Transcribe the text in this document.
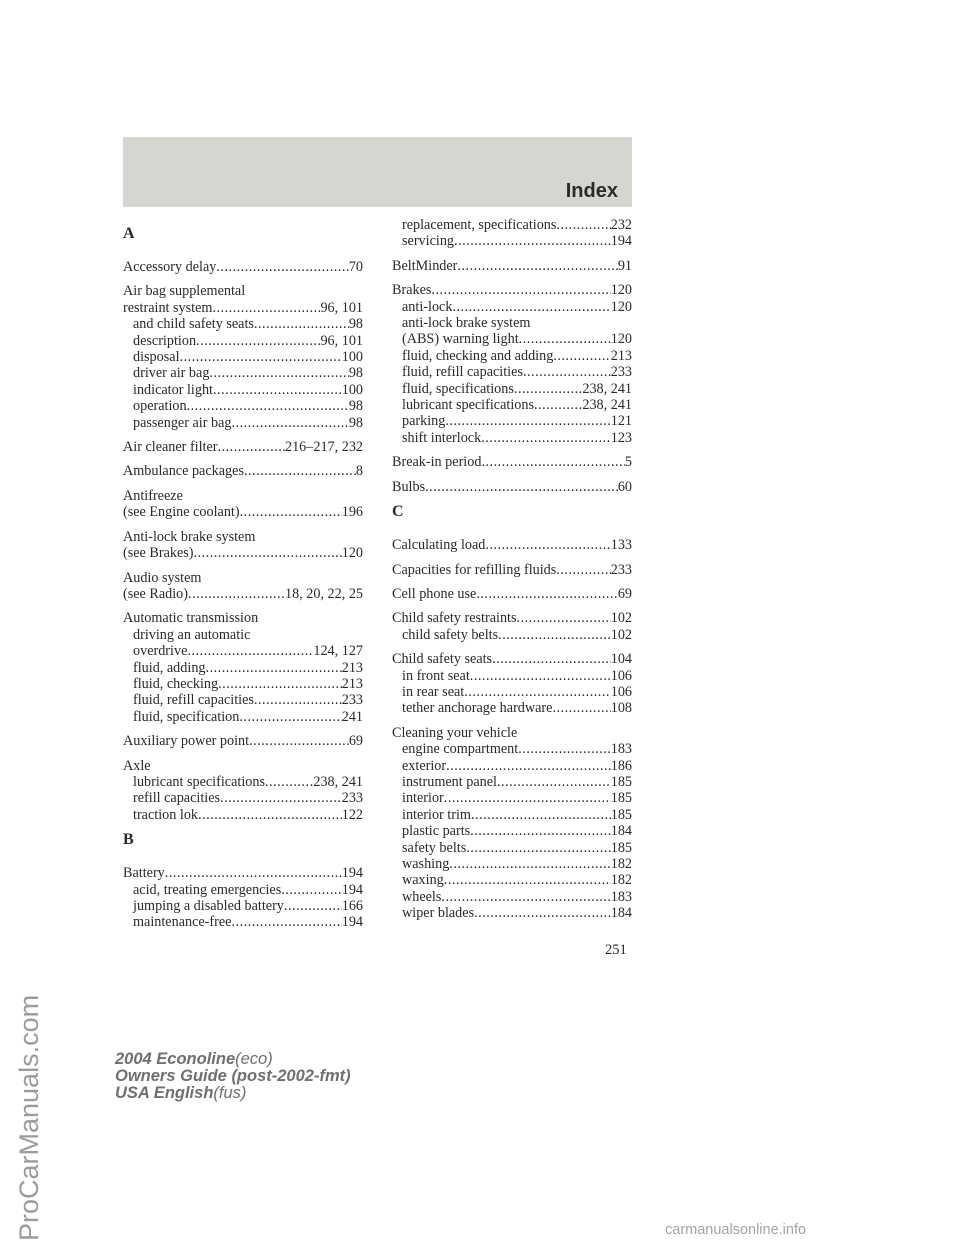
Index
A
Accessory delay .....	70
Air bag supplemental
restraint system .....	96, 101
and child safety seats .....	98
description .....	96, 101
disposal .....	100
driver air bag .....	98
indicator light .....	100
operation .....	98
passenger air bag .....	98
Air cleaner filter .....	216–217, 232
Ambulance packages .....	8
Antifreeze
(see Engine coolant) .....	196
Anti-lock brake system
(see Brakes) .....	120
Audio system
(see Radio) .....	18, 20, 22, 25
Automatic transmission
driving an automatic
overdrive .....	124, 127
fluid, adding .....	213
fluid, checking .....	213
fluid, refill capacities .....	233
fluid, specification .....	241
Auxiliary power point .....	69
Axle
lubricant specifications .....	.238, 241
refill capacities .....	233
traction lok .....	122
B
Battery .....	194
acid, treating emergencies .....	194
jumping a disabled battery .....	166
maintenance-free .....	194
replacement, specifications .....	232
servicing .....	194
BeltMinder .....	91
Brakes .....	120
anti-lock .....	120
anti-lock brake system
(ABS) warning light .....	120
fluid, checking and adding .....	213
fluid, refill capacities .....	233
fluid, specifications .....	238, 241
lubricant specifications .....	.238, 241
parking .....	121
shift interlock .....	123
Break-in period .....	5
Bulbs .....	60
C
Calculating load .....	133
Capacities for refilling fluids .....	233
Cell phone use .....	69
Child safety restraints .....	102
child safety belts .....	102
Child safety seats .....	104
in front seat .....	106
in rear seat .....	106
tether anchorage hardware .....	108
Cleaning your vehicle
engine compartment .....	183
exterior .....	186
instrument panel .....	185
interior .....	185
interior trim .....	185
plastic parts .....	184
safety belts .....	185
washing .....	182
waxing .....	182
wheels .....	183
wiper blades .....	184
251
2004 Econoline(eco)
Owners Guide (post-2002-fmt)
USA English(fus)
ProCarManuals.com	carmanualsonline.info
